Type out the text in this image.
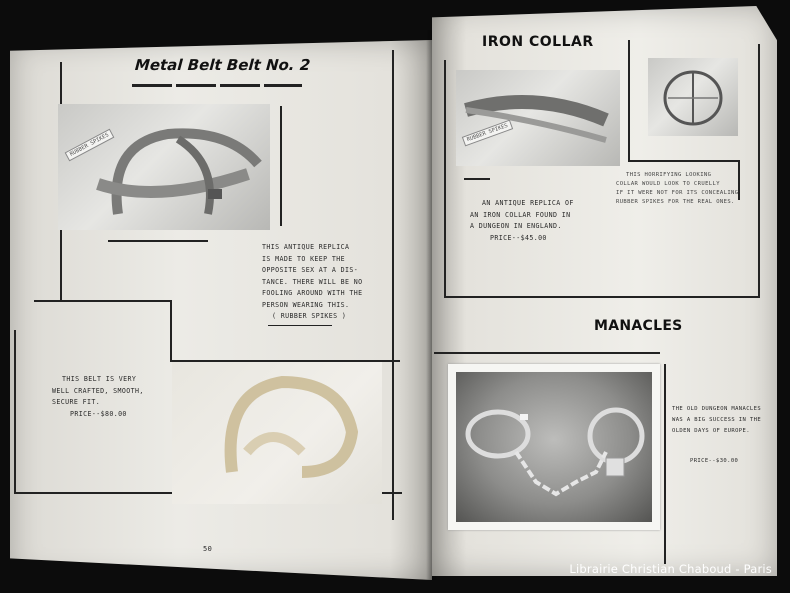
Metal Belt Belt No. 2
RUBBER SPIKES
THIS ANTIQUE REPLICA
IS MADE TO KEEP THE
OPPOSITE SEX AT A DIS-
TANCE. THERE WILL BE NO
FOOLING AROUND WITH THE
PERSON WEARING THIS.
( RUBBER SPIKES )
THIS BELT IS VERY
WELL CRAFTED, SMOOTH,
SECURE FIT.
PRICE--$80.00
50
IRON COLLAR
RUBBER SPIKES
AN ANTIQUE REPLICA OF
AN IRON COLLAR FOUND IN
A DUNGEON IN ENGLAND.
PRICE--$45.00
THIS HORRIFYING LOOKING
COLLAR WOULD LOOK TO CRUELLY
IF IT WERE NOT FOR ITS CONCEALING
RUBBER SPIKES FOR THE REAL ONES.
MANACLES
THE OLD DUNGEON MANACLES
WAS A BIG SUCCESS IN THE
OLDEN DAYS OF EUROPE.
PRICE--$30.00
Librairie Christian Chaboud - Paris
